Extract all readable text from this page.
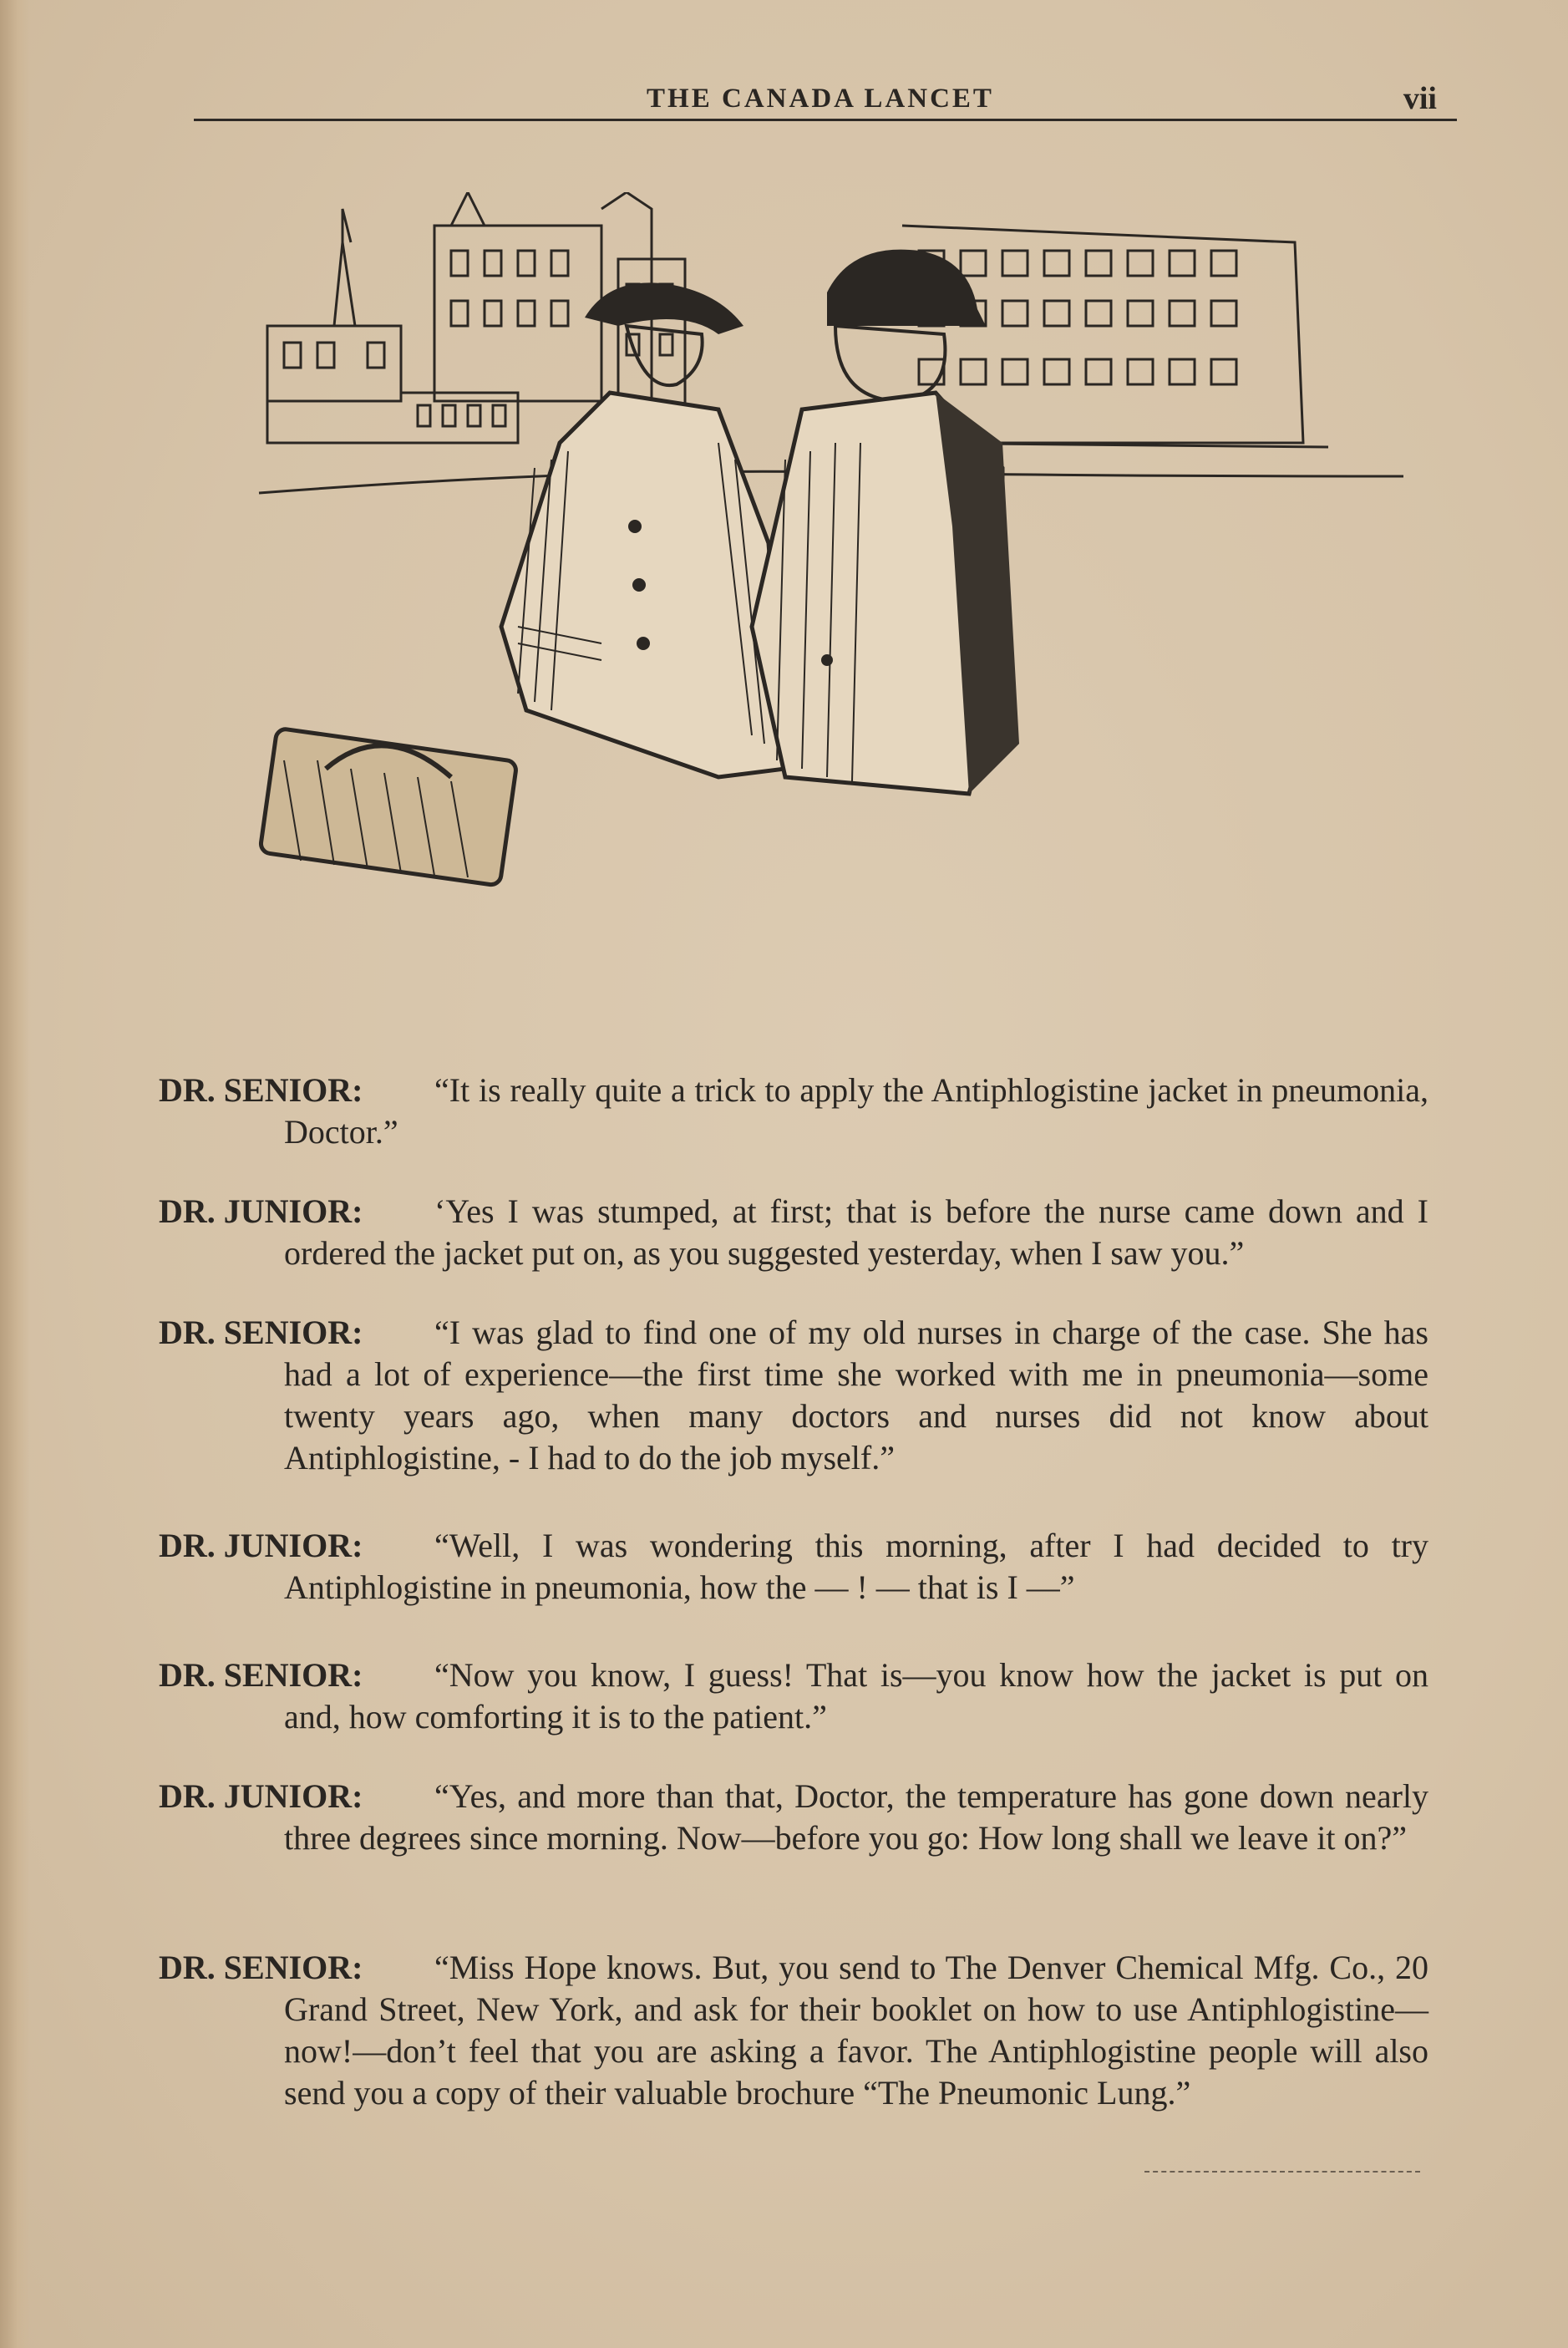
THE CANADA LANCET	vii
DR. SENIOR:	“It is really quite a trick to apply the Antiphlogistine jacket in pneumonia, Doctor.”

DR. JUNIOR:	‘Yes I was stumped, at first; that is before the nurse came down and I ordered the jacket put on, as you suggested yesterday, when I saw you.”

DR. SENIOR:	“I was glad to find one of my old nurses in charge of the case. She has had a lot of experience—the first time she worked with me in pneumonia—some twenty years ago, when many doctors and nurses did not know about Antiphlogistine, - I had to do the job myself.”

DR. JUNIOR:	“Well, I was wondering this morning, after I had decided to try Antiphlogistine in pneumonia, how the — ! — that is I —”

DR. SENIOR:	“Now you know, I guess! That is—you know how the jacket is put on and, how comforting it is to the patient.”

DR. JUNIOR:	“Yes, and more than that, Doctor, the temperature has gone down nearly three degrees since morning. Now—before you go: How long shall we leave it on?”

DR. SENIOR:	“Miss Hope knows. But, you send to The Denver Chemical Mfg. Co., 20 Grand Street, New York, and ask for their booklet on how to use Antiphlogistine—now!—don’t feel that you are asking a favor. The Antiphlogistine people will also send you a copy of their valuable brochure “The Pneumonic Lung.”
